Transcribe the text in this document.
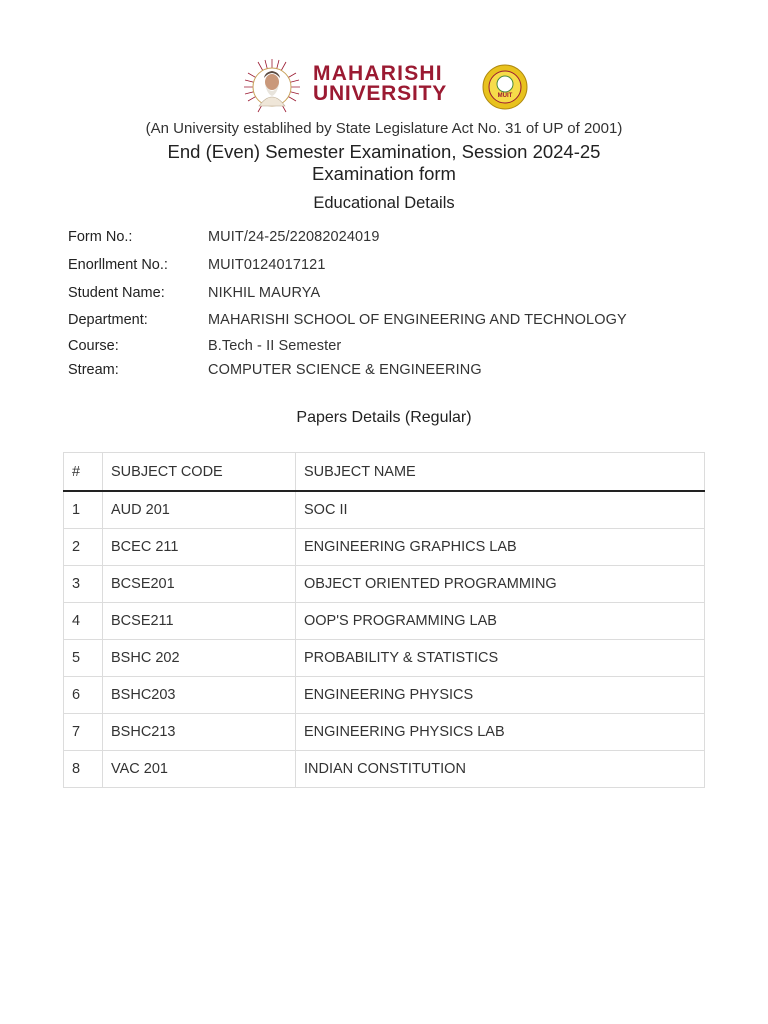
MAHARISHI
UNIVERSITY	MUIT
(An University establihed by State Legislature Act No. 31 of UP of 2001)
End (Even) Semester Examination, Session 2024-25
Examination form
Educational Details
Form No.:	MUIT/24-25/22082024019
Enorllment No.:	MUIT0124017121
Student Name:	NIKHIL MAURYA
Department:	MAHARISHI SCHOOL OF ENGINEERING AND TECHNOLOGY
Course:	B.Tech - II Semester
Stream:	COMPUTER SCIENCE & ENGINEERING
Papers Details (Regular)
#	SUBJECT CODE	SUBJECT NAME
1	AUD 201	SOC II
2	BCEC 211	ENGINEERING GRAPHICS LAB
3	BCSE201	OBJECT ORIENTED PROGRAMMING
4	BCSE211	OOP'S PROGRAMMING LAB
5	BSHC 202	PROBABILITY & STATISTICS
6	BSHC203	ENGINEERING PHYSICS
7	BSHC213	ENGINEERING PHYSICS LAB
8	VAC 201	INDIAN CONSTITUTION
